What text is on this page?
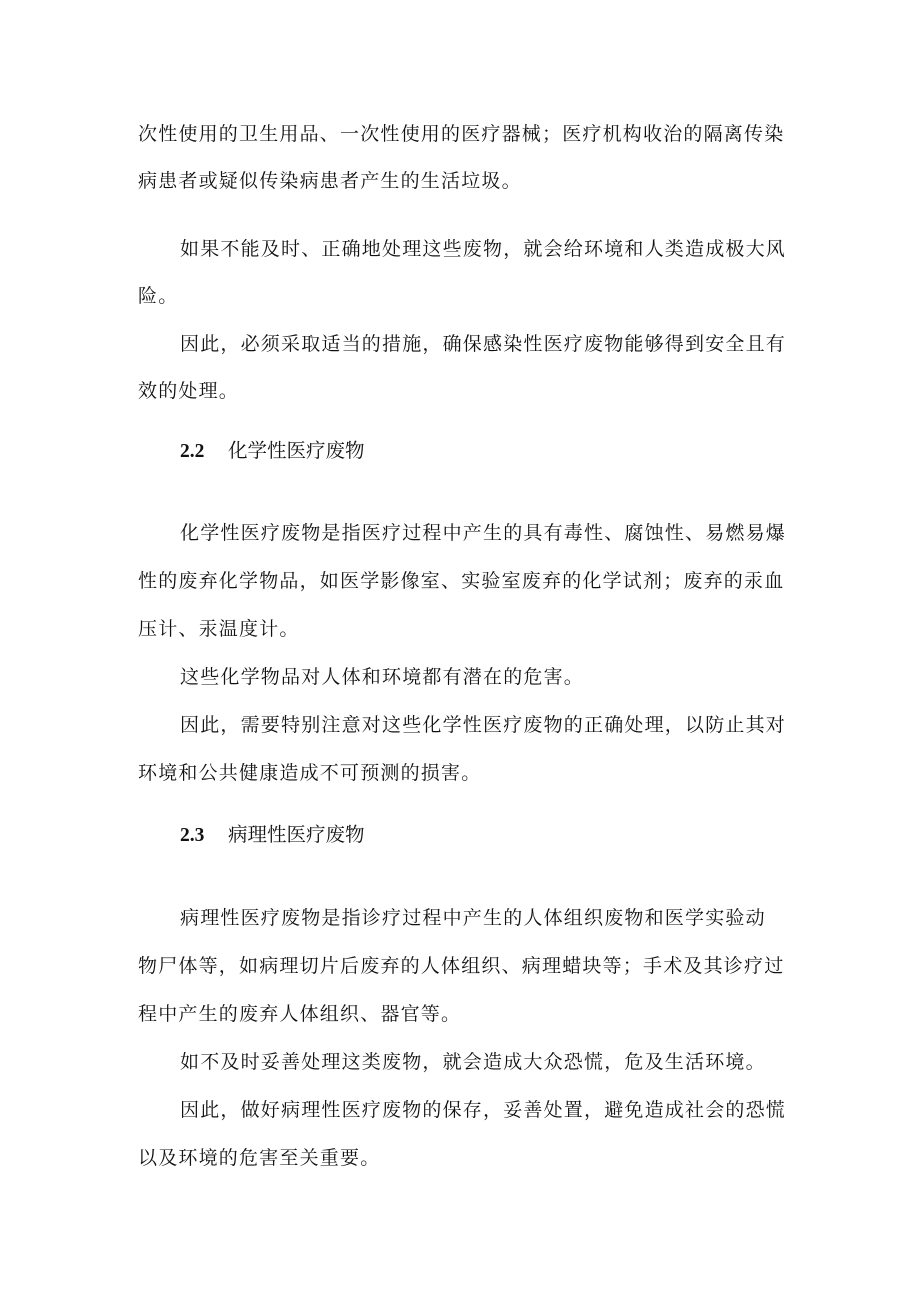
次性使用的卫生用品、一次性使用的医疗器械；医疗机构收治的隔离传染
病患者或疑似传染病患者产生的生活垃圾。
如果不能及时、正确地处理这些废物，就会给环境和人类造成极大风
险。
因此，必须采取适当的措施，确保感染性医疗废物能够得到安全且有
效的处理。
2.2 化学性医疗废物
化学性医疗废物是指医疗过程中产生的具有毒性、腐蚀性、易燃易爆
性的废弃化学物品，如医学影像室、实验室废弃的化学试剂；废弃的汞血
压计、汞温度计。
这些化学物品对人体和环境都有潜在的危害。
因此，需要特别注意对这些化学性医疗废物的正确处理，以防止其对
环境和公共健康造成不可预测的损害。
2.3 病理性医疗废物
病理性医疗废物是指诊疗过程中产生的人体组织废物和医学实验动
物尸体等，如病理切片后废弃的人体组织、病理蜡块等；手术及其诊疗过
程中产生的废弃人体组织、器官等。
如不及时妥善处理这类废物，就会造成大众恐慌，危及生活环境。
因此，做好病理性医疗废物的保存，妥善处置，避免造成社会的恐慌
以及环境的危害至关重要。
